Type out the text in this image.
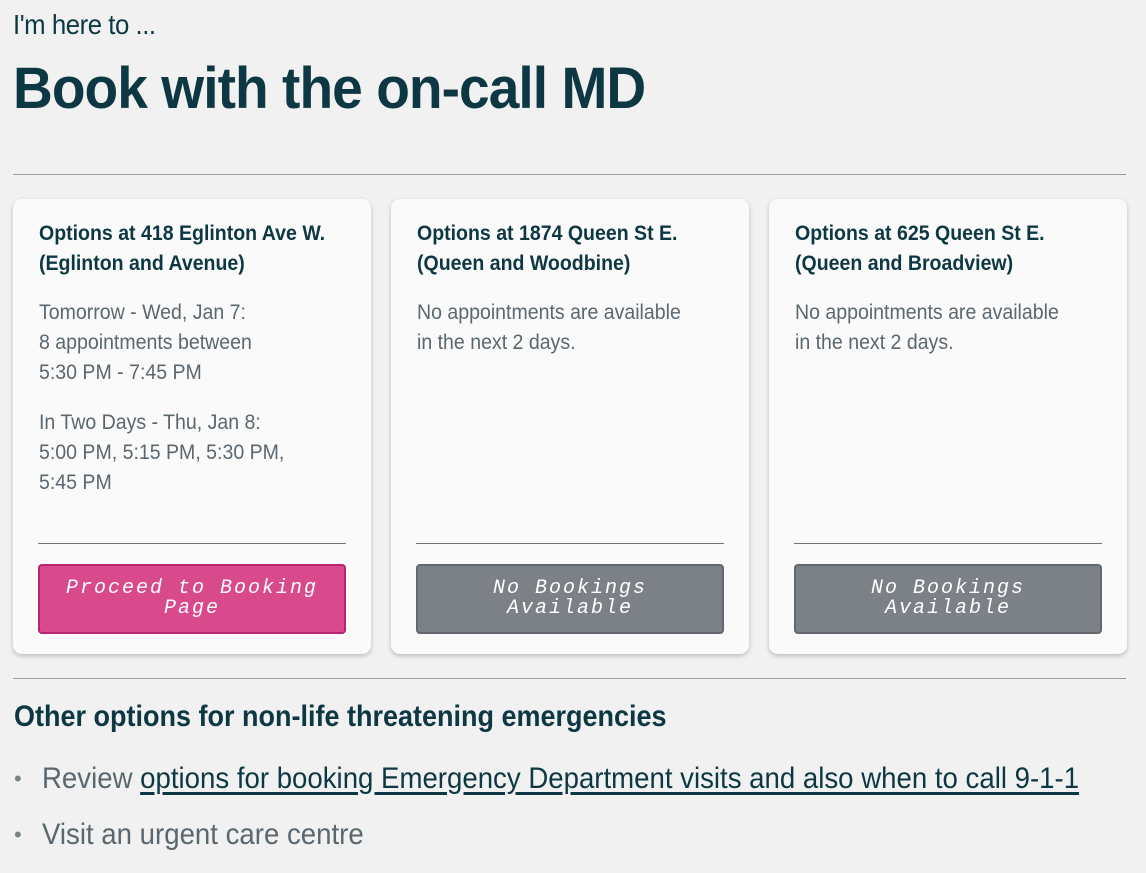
I'm here to ...
Book with the on-call MD
Options at 418 Eglinton Ave W.
(Eglinton and Avenue)
Tomorrow - Wed, Jan 7:
8 appointments between
5:30 PM - 7:45 PM
In Two Days - Thu, Jan 8:
5:00 PM, 5:15 PM, 5:30 PM,
5:45 PM
Proceed to Booking Page
Options at 1874 Queen St E.
(Queen and Woodbine)
No appointments are available
in the next 2 days.
No Bookings Available
Options at 625 Queen St E.
(Queen and Broadview)
No appointments are available
in the next 2 days.
No Bookings Available
Other options for non-life threatening emergencies
• Review options for booking Emergency Department visits and also when to call 9-1-1
• Visit an urgent care centre
